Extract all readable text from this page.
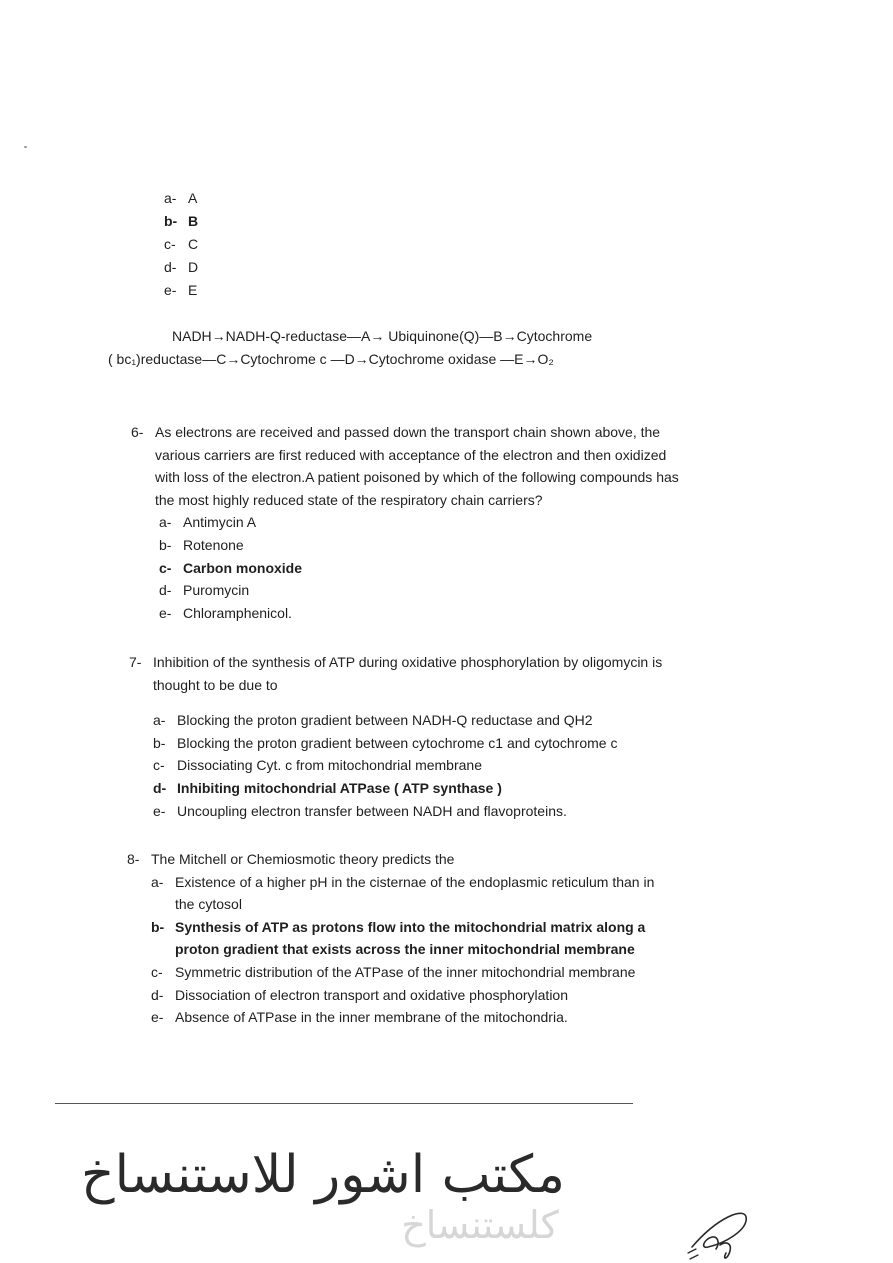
a- A
b- B
c- C
d- D
e- E
NADH→NADH-Q-reductase—A→ Ubiquinone(Q)—B→Cytochrome
( bc₁)reductase—C→Cytochrome c —D→Cytochrome oxidase —E→O₂
6- As electrons are received and passed down the transport chain shown above, the various carriers are first reduced with acceptance of the electron and then oxidized with loss of the electron.A patient poisoned by which of the following compounds has the most highly reduced state of the respiratory chain carriers?
a- Antimycin A
b- Rotenone
c- Carbon monoxide
d- Puromycin
e- Chloramphenicol.
7- Inhibition of the synthesis of ATP during oxidative phosphorylation by oligomycin is thought to be due to
a- Blocking the proton gradient between NADH-Q reductase and QH2
b- Blocking the proton gradient between cytochrome c1 and cytochrome c
c- Dissociating Cyt. c from mitochondrial membrane
d- Inhibiting mitochondrial ATPase ( ATP synthase )
e- Uncoupling electron transfer between NADH and flavoproteins.
8- The Mitchell or Chemiosmotic theory predicts the
a- Existence of a higher pH in the cisternae of the endoplasmic reticulum than in the cytosol
b- Synthesis of ATP as protons flow into the mitochondrial matrix along a proton gradient that exists across the inner mitochondrial membrane
c- Symmetric distribution of the ATPase of the inner mitochondrial membrane
d- Dissociation of electron transport and oxidative phosphorylation
e- Absence of ATPase in the inner membrane of the mitochondria.
مكتب اشور للاستنساخ
كلستنساخ
